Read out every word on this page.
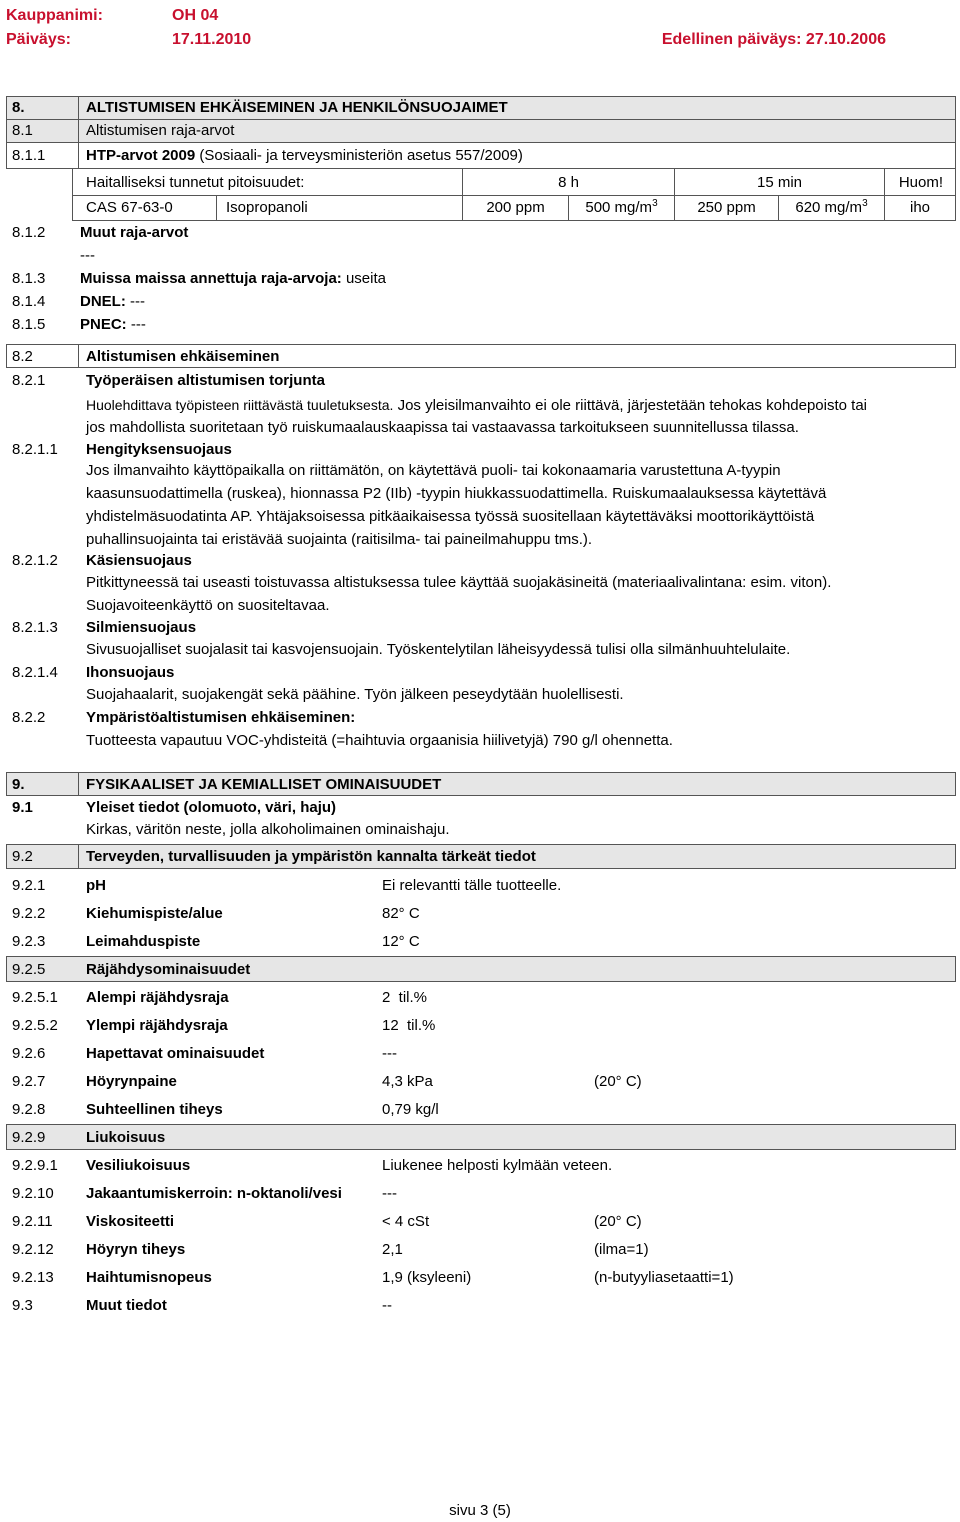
Kauppanimi:	OH 04
Päiväys:	17.11.2010	Edellinen päiväys: 27.10.2006
8.	ALTISTUMISEN EHKÄISEMINEN JA HENKILÖNSUOJAIMET
8.1	Altistumisen raja-arvot
8.1.1	HTP-arvot 2009 (Sosiaali- ja terveysministeriön asetus 557/2009)
Haitalliseksi tunnetut pitoisuudet:	8 h	15 min	Huom!
CAS 67-63-0	Isopropanoli	200 ppm	500 $mg/m^3$	250 ppm	620 $mg/m^3$	iho
8.1.2 Muut raja-arvot
---
8.1.3 Muissa maissa annettuja raja-arvoja: useita
8.1.4 DNEL: ---
8.1.5 PNEC: ---
8.2	Altistumisen ehkäiseminen
8.2.1	Työperäisen altistumisen torjunta
Huolehdittava työpisteen riittävästä tuuletuksesta. Jos yleisilmanvaihto ei ole riittävä, järjestetään tehokas kohdepoisto tai
jos mahdollista suoritetaan työ ruiskumaalauskaapissa tai vastaavassa tarkoitukseen suunnitellussa tilassa.
8.2.1.1 Hengityksensuojaus
Jos ilmanvaihto käyttöpaikalla on riittämätön, on käytettävä puoli- tai kokonaamaria varustettuna A-tyypin
kaasunsuodattimella (ruskea), hionnassa P2 (IIb) -tyypin hiukkassuodattimella. Ruiskumaalauksessa käytettävä
yhdistelmäsuodatinta AP. Yhtäjaksoisessa pitkäaikaisessa työssä suositellaan käytettäväksi moottorikäyttöistä
puhallinsuojainta tai eristävää suojainta (raitisilma- tai paineilmahuppu tms.).
8.2.1.2 Käsiensuojaus
Pitkittyneessä tai useasti toistuvassa altistuksessa tulee käyttää suojakäsineitä (materiaalivalintana: esim. viton).
Suojavoiteenkäyttö on suositeltavaa.
8.2.1.3 Silmiensuojaus
Sivusuojalliset suojalasit tai kasvojensuojain. Työskentelytilan läheisyydessä tulisi olla silmänhuuhtelulaite.
8.2.1.4 Ihonsuojaus
Suojahaalarit, suojakengät sekä päähine. Työn jälkeen peseydytään huolellisesti.
8.2.2	Ympäristöaltistumisen ehkäiseminen:
Tuotteesta vapautuu VOC-yhdisteitä (=haihtuvia orgaanisia hiilivetyjä) 790 g/l ohennetta.
9.	FYSIKAALISET JA KEMIALLISET OMINAISUUDET
9.1	Yleiset tiedot (olomuoto, väri, haju)
Kirkas, väritön neste, jolla alkoholimainen ominaishaju.
9.2	Terveyden, turvallisuuden ja ympäristön kannalta tärkeät tiedot
9.2.1	pH	Ei relevantti tälle tuotteelle.
9.2.2	Kiehumispiste/alue	82° C
9.2.3	Leimahduspiste	12° C
9.2.5	Räjähdysominaisuudet
9.2.5.1 Alempi räjähdysraja	2  til.%
9.2.5.2 Ylempi räjähdysraja	12  til.%
9.2.6	Hapettavat ominaisuudet	---
9.2.7	Höyrynpaine	4,3 kPa	(20° C)
9.2.8	Suhteellinen tiheys	0,79 kg/l
9.2.9	Liukoisuus
9.2.9.1 Vesiliukoisuus	Liukenee helposti kylmään veteen.
9.2.10 Jakaantumiskerroin: n-oktanoli/vesi	---
9.2.11 Viskositeetti	< 4 cSt	(20° C)
9.2.12 Höyryn tiheys	2,1	(ilma=1)
9.2.13 Haihtumisnopeus	1,9 (ksyleeni)	(n-butyyliasetaatti=1)
9.3	Muut tiedot	--
sivu 3 (5)
